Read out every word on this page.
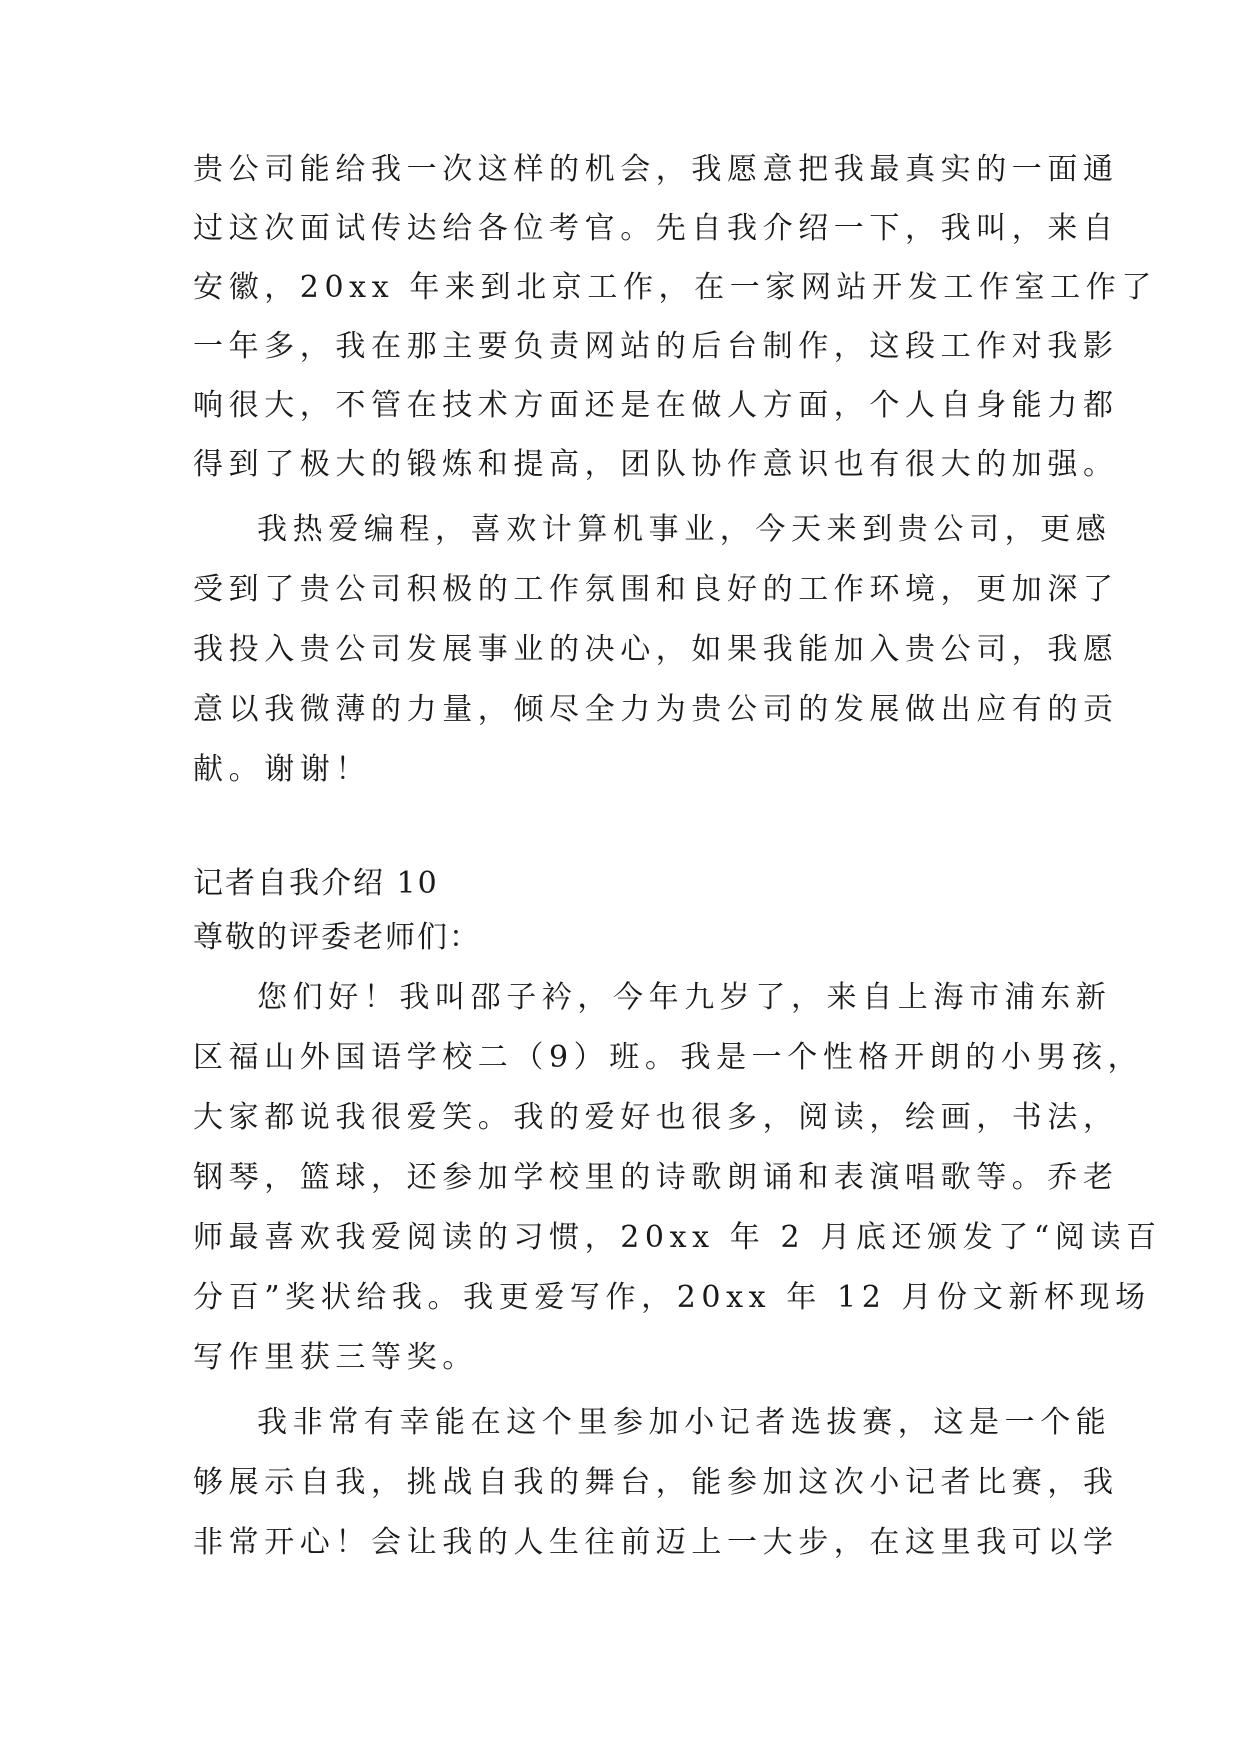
贵公司能给我一次这样的机会，我愿意把我最真实的一面通
过这次面试传达给各位考官。先自我介绍一下，我叫，来自
安徽，20xx 年来到北京工作，在一家网站开发工作室工作了
一年多，我在那主要负责网站的后台制作，这段工作对我影
响很大，不管在技术方面还是在做人方面，个人自身能力都
得到了极大的锻炼和提高，团队协作意识也有很大的加强。
我热爱编程，喜欢计算机事业，今天来到贵公司，更感
受到了贵公司积极的工作氛围和良好的工作环境，更加深了
我投入贵公司发展事业的决心，如果我能加入贵公司，我愿
意以我微薄的力量，倾尽全力为贵公司的发展做出应有的贡
献。谢谢！
记者自我介绍 10
尊敬的评委老师们：
您们好！我叫邵子衿，今年九岁了，来自上海市浦东新
区福山外国语学校二（9）班。我是一个性格开朗的小男孩，
大家都说我很爱笑。我的爱好也很多，阅读，绘画，书法，
钢琴，篮球，还参加学校里的诗歌朗诵和表演唱歌等。乔老
师最喜欢我爱阅读的习惯，20xx 年 2 月底还颁发了“阅读百
分百”奖状给我。我更爱写作，20xx 年 12 月份文新杯现场
写作里获三等奖。
我非常有幸能在这个里参加小记者选拔赛，这是一个能
够展示自我，挑战自我的舞台，能参加这次小记者比赛，我
非常开心！会让我的人生往前迈上一大步，在这里我可以学
